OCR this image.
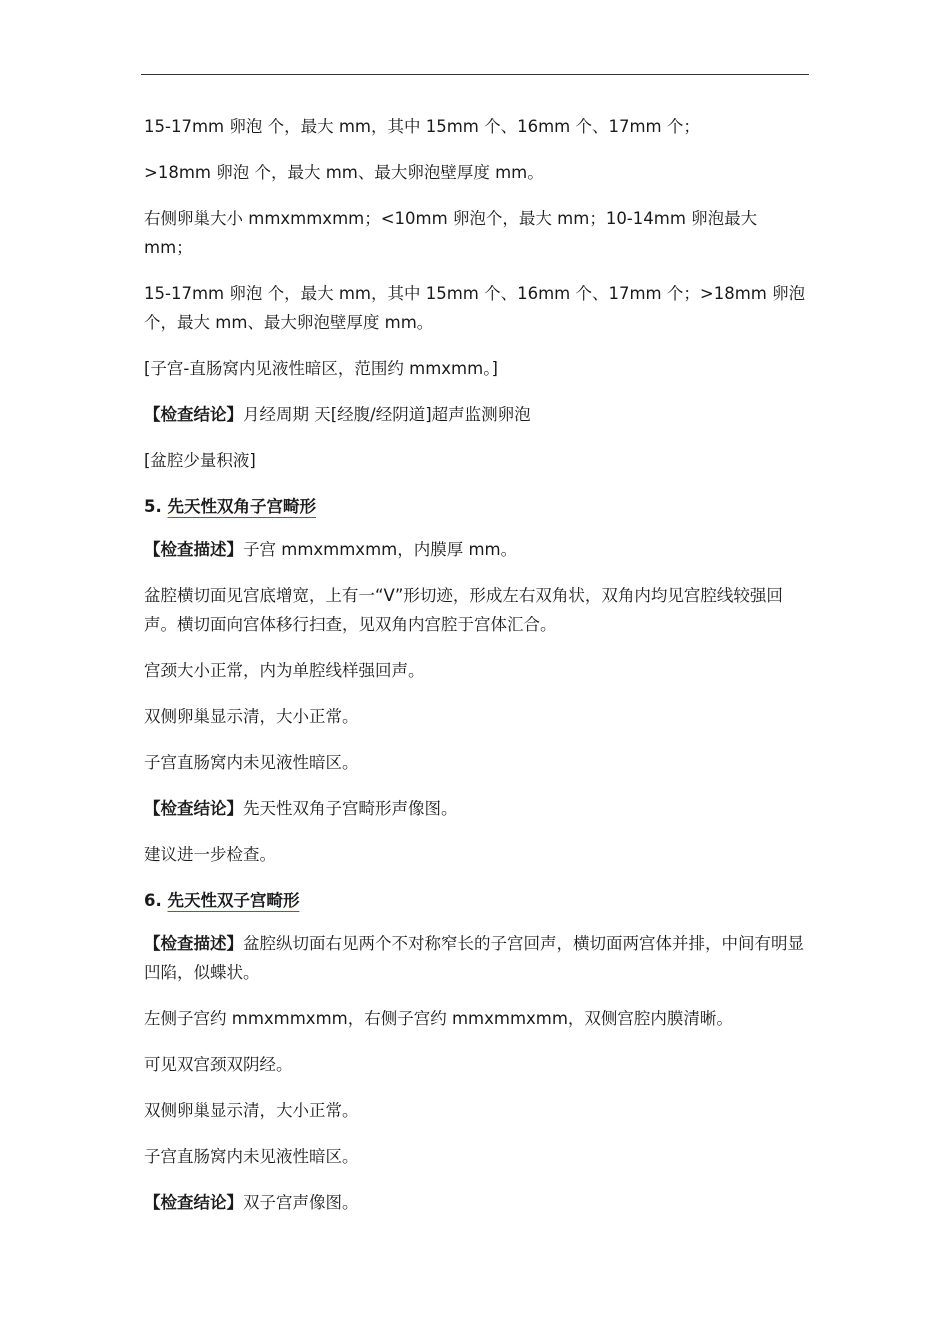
15-17mm 卵泡 个，最大 mm，其中 15mm 个、16mm 个、17mm 个；

>18mm 卵泡 个，最大 mm、最大卵泡壁厚度 mm。

右侧卵巢大小 mmxmmxmm；<10mm 卵泡个，最大 mm；10-14mm 卵泡最大 mm；

15-17mm 卵泡 个，最大 mm，其中 15mm 个、16mm 个、17mm 个；>18mm 卵泡个，最大 mm、最大卵泡壁厚度 mm。

[子宫-直肠窝内见液性暗区，范围约 mmxmm。]

【检查结论】月经周期 天[经腹/经阴道]超声监测卵泡

[盆腔少量积液]

5. 先天性双角子宫畸形

【检查描述】子宫 mmxmmxmm，内膜厚 mm。

盆腔横切面见宫底增宽，上有一“V”形切迹，形成左右双角状，双角内均见宫腔线较强回声。横切面向宫体移行扫查，见双角内宫腔于宫体汇合。

宫颈大小正常，内为单腔线样强回声。

双侧卵巢显示清，大小正常。

子宫直肠窝内未见液性暗区。

【检查结论】先天性双角子宫畸形声像图。

建议进一步检查。

6. 先天性双子宫畸形

【检查描述】盆腔纵切面右见两个不对称窄长的子宫回声，横切面两宫体并排，中间有明显凹陷，似蝶状。

左侧子宫约 mmxmmxmm，右侧子宫约 mmxmmxmm，双侧宫腔内膜清晰。

可见双宫颈双阴经。

双侧卵巢显示清，大小正常。

子宫直肠窝内未见液性暗区。

【检查结论】双子宫声像图。
